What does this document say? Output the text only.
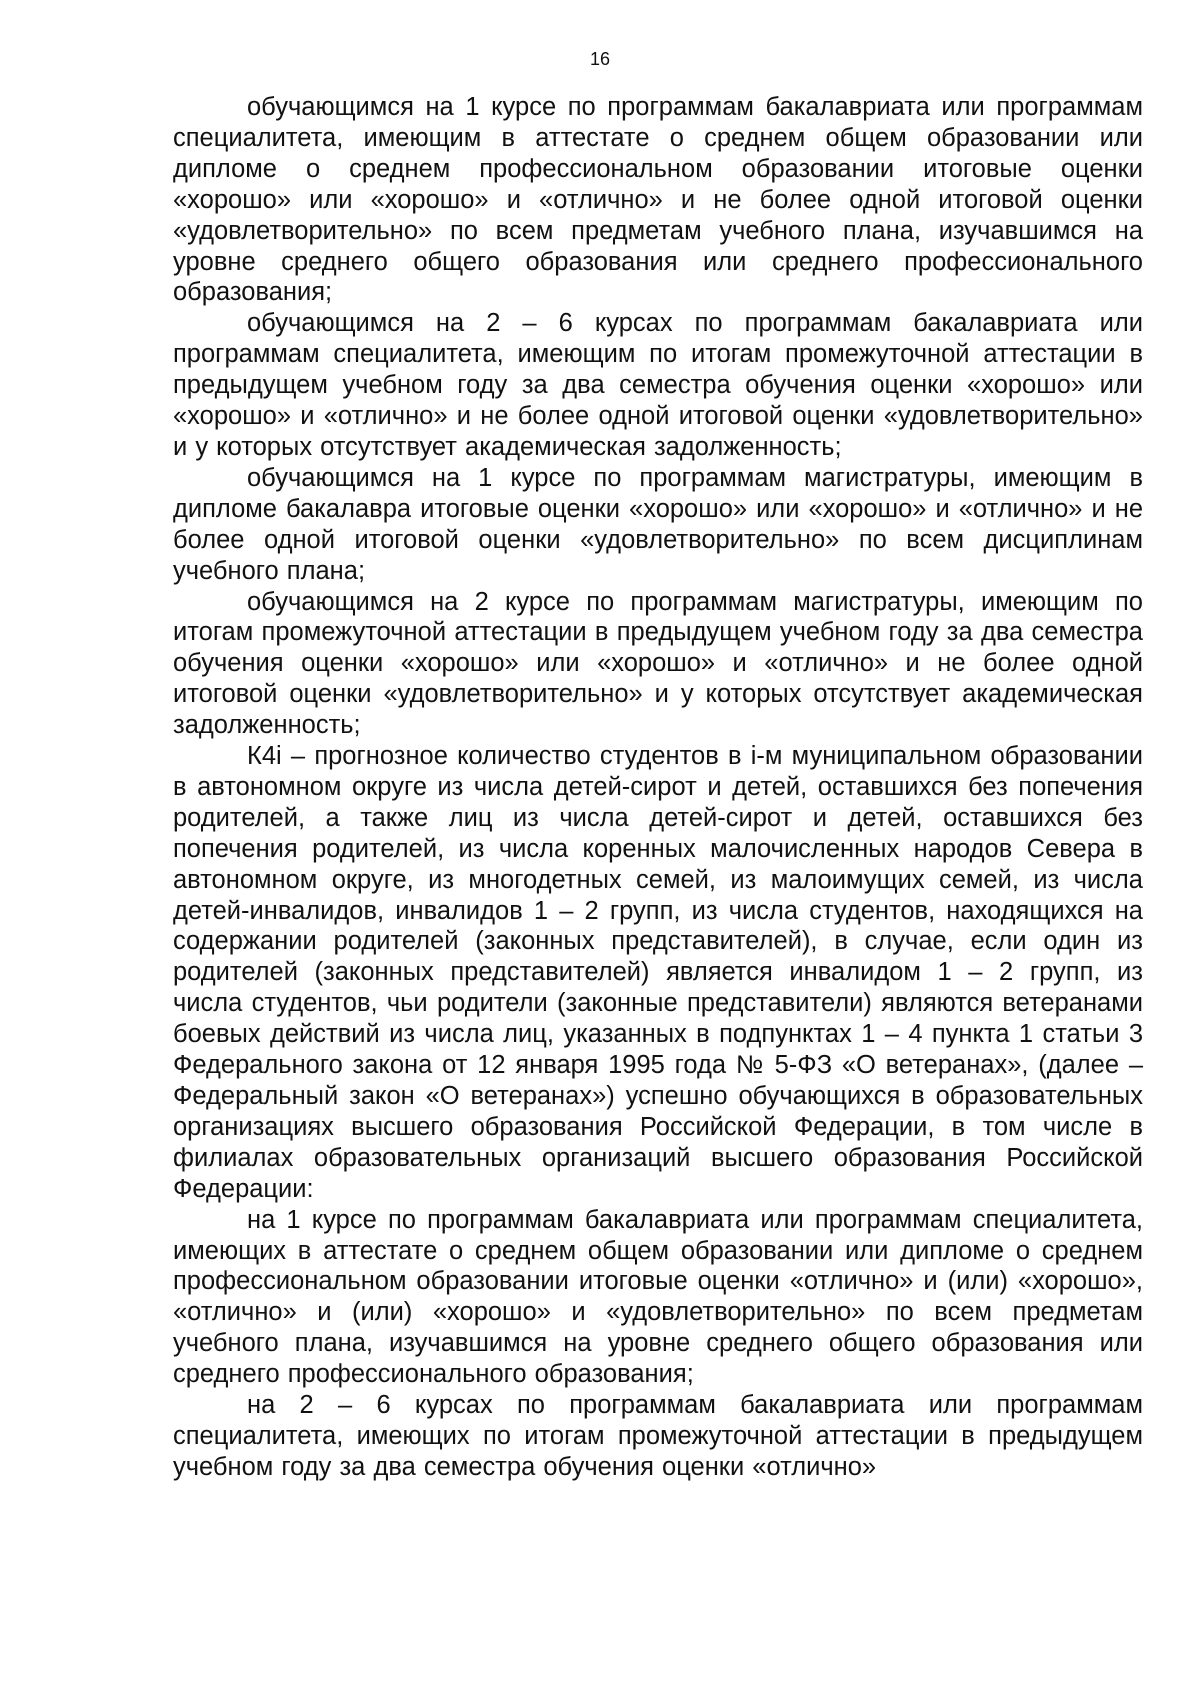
16

обучающимся на 1 курсе по программам бакалавриата или программам специалитета, имеющим в аттестате о среднем общем образовании или дипломе о среднем профессиональном образовании итоговые оценки «хорошо» или «хорошо» и «отлично» и не более одной итоговой оценки «удовлетворительно» по всем предметам учебного плана, изучавшимся на уровне среднего общего образования или среднего профессионального образования;

обучающимся на 2 – 6 курсах по программам бакалавриата или программам специалитета, имеющим по итогам промежуточной аттестации в предыдущем учебном году за два семестра обучения оценки «хорошо» или «хорошо» и «отлично» и не более одной итоговой оценки «удовлетворительно» и у которых отсутствует академическая задолженность;

обучающимся на 1 курсе по программам магистратуры, имеющим в дипломе бакалавра итоговые оценки «хорошо» или «хорошо» и «отлично» и не более одной итоговой оценки «удовлетворительно» по всем дисциплинам учебного плана;

обучающимся на 2 курсе по программам магистратуры, имеющим по итогам промежуточной аттестации в предыдущем учебном году за два семестра обучения оценки «хорошо» или «хорошо» и «отлично» и не более одной итоговой оценки «удовлетворительно» и у которых отсутствует академическая задолженность;

К4i – прогнозное количество студентов в i-м муниципальном образовании в автономном округе из числа детей-сирот и детей, оставшихся без попечения родителей, а также лиц из числа детей-сирот и детей, оставшихся без попечения родителей, из числа коренных малочисленных народов Севера в автономном округе, из многодетных семей, из малоимущих семей, из числа детей-инвалидов, инвалидов 1 – 2 групп, из числа студентов, находящихся на содержании родителей (законных представителей), в случае, если один из родителей (законных представителей) является инвалидом 1 – 2 групп, из числа студентов, чьи родители (законные представители) являются ветеранами боевых действий из числа лиц, указанных в подпунктах 1 – 4 пункта 1 статьи 3 Федерального закона от 12 января 1995 года № 5-ФЗ «О ветеранах», (далее – Федеральный закон «О ветеранах») успешно обучающихся в образовательных организациях высшего образования Российской Федерации, в том числе в филиалах образовательных организаций высшего образования Российской Федерации:

на 1 курсе по программам бакалавриата или программам специалитета, имеющих в аттестате о среднем общем образовании или дипломе о среднем профессиональном образовании итоговые оценки «отлично» и (или) «хорошо», «отлично» и (или) «хорошо» и «удовлетворительно» по всем предметам учебного плана, изучавшимся на уровне среднего общего образования или среднего профессионального образования;

на 2 – 6 курсах по программам бакалавриата или программам специалитета, имеющих по итогам промежуточной аттестации в предыдущем учебном году за два семестра обучения оценки «отлично»
